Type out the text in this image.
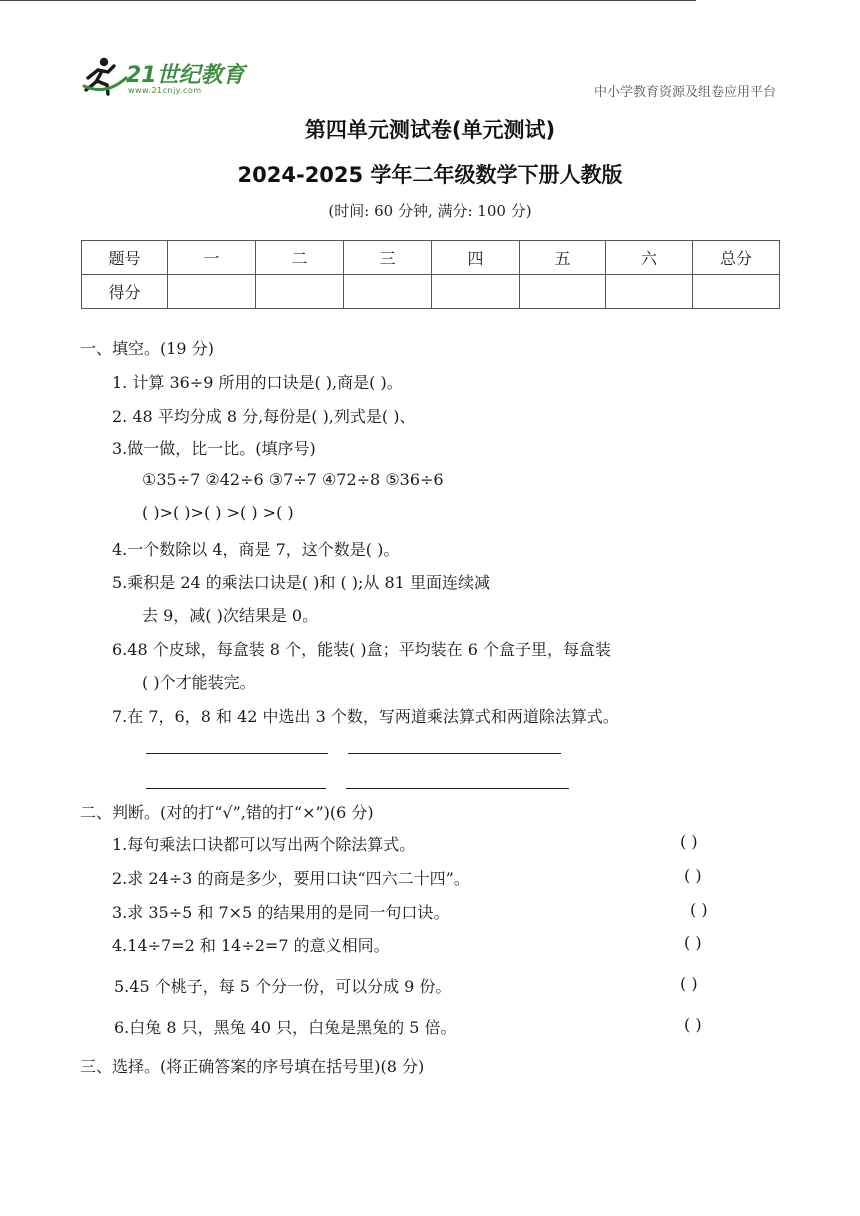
21世纪教育
www.21cnjy.com	中小学教育资源及组卷应用平台
第四单元测试卷(单元测试)
2024-2025 学年二年级数学下册人教版
(时间: 60 分钟, 满分: 100 分)
题号	一	二	三	四	五	六	总分
得分							
一、填空。(19 分)
1. 计算 36÷9 所用的口诀是( ),商是( )。
2. 48 平均分成 8 分,每份是( ),列式是( )、
3.做一做，比一比。(填序号)
①35÷7 ②42÷6 ③7÷7 ④72÷8 ⑤36÷6
( )>( )>( ) >( ) >( )
4.一个数除以 4，商是 7，这个数是( )。
5.乘积是 24 的乘法口诀是( )和 ( );从 81 里面连续减
去 9，减( )次结果是 0。
6.48 个皮球，每盒装 8 个，能装( )盒；平均装在 6 个盒子里，每盒装
( )个才能装完。
7.在 7，6，8 和 42 中选出 3 个数，写两道乘法算式和两道除法算式。
二、判断。(对的打“√”,错的打“×”)(6 分)
1.每句乘法口诀都可以写出两个除法算式。	( )
2.求 24÷3 的商是多少，要用口诀“四六二十四”。	( )
3.求 35÷5 和 7×5 的结果用的是同一句口诀。	( )
4.14÷7=2 和 14÷2=7 的意义相同。	( )
5.45 个桃子，每 5 个分一份，可以分成 9 份。	( )
6.白兔 8 只，黑兔 40 只，白兔是黑兔的 5 倍。	( )
三、选择。(将正确答案的序号填在括号里)(8 分)
